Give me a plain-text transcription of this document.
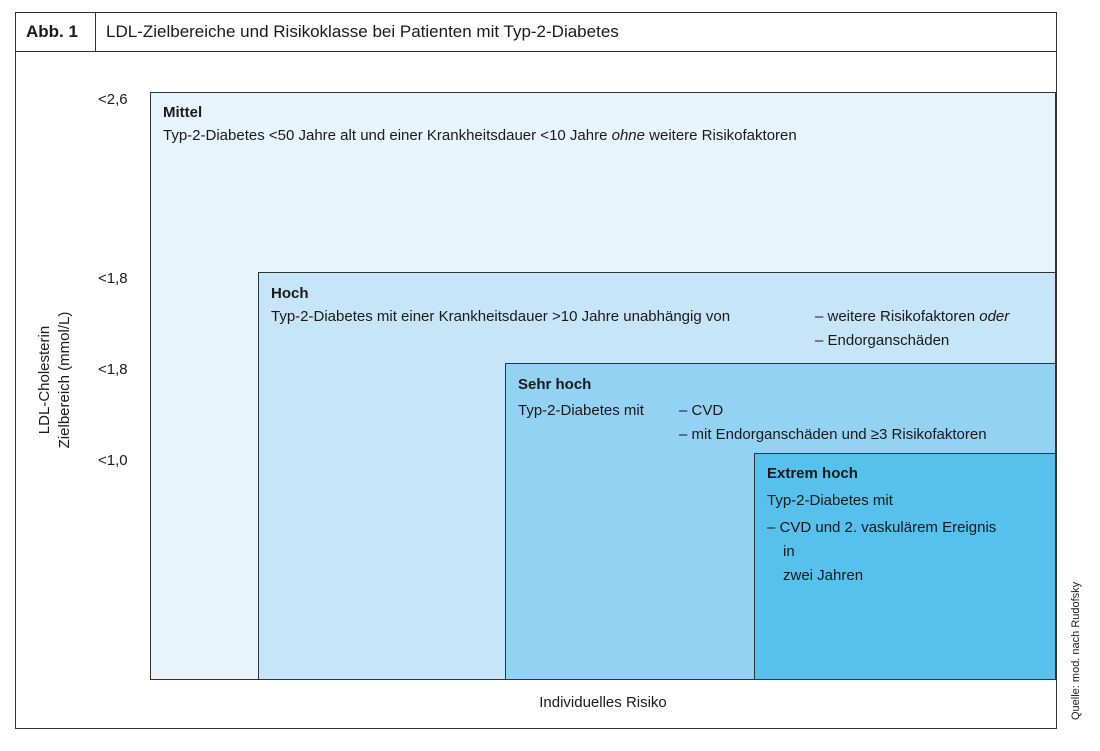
Abb. 1	LDL-Zielbereiche und Risikoklasse bei Patienten mit Typ-2-Diabetes
LDL-Cholesterin Zielbereich (mmol/L)
<2,6
<1,8
<1,8
<1,0
Mittel
Typ-2-Diabetes <50 Jahre alt und einer Krankheitsdauer <10 Jahre ohne weitere Risikofaktoren
Hoch
Typ-2-Diabetes mit einer Krankheitsdauer >10 Jahre unabhängig von	– weitere Risikofaktoren oder
– Endorganschäden
Sehr hoch
Typ-2-Diabetes mit – CVD
– mit Endorganschäden und ≥3 Risikofaktoren
Extrem hoch
Typ-2-Diabetes mit
– CVD und 2. vaskulärem Ereignis
in
zwei Jahren
Individuelles Risiko	Quelle: mod. nach Rudofsky
